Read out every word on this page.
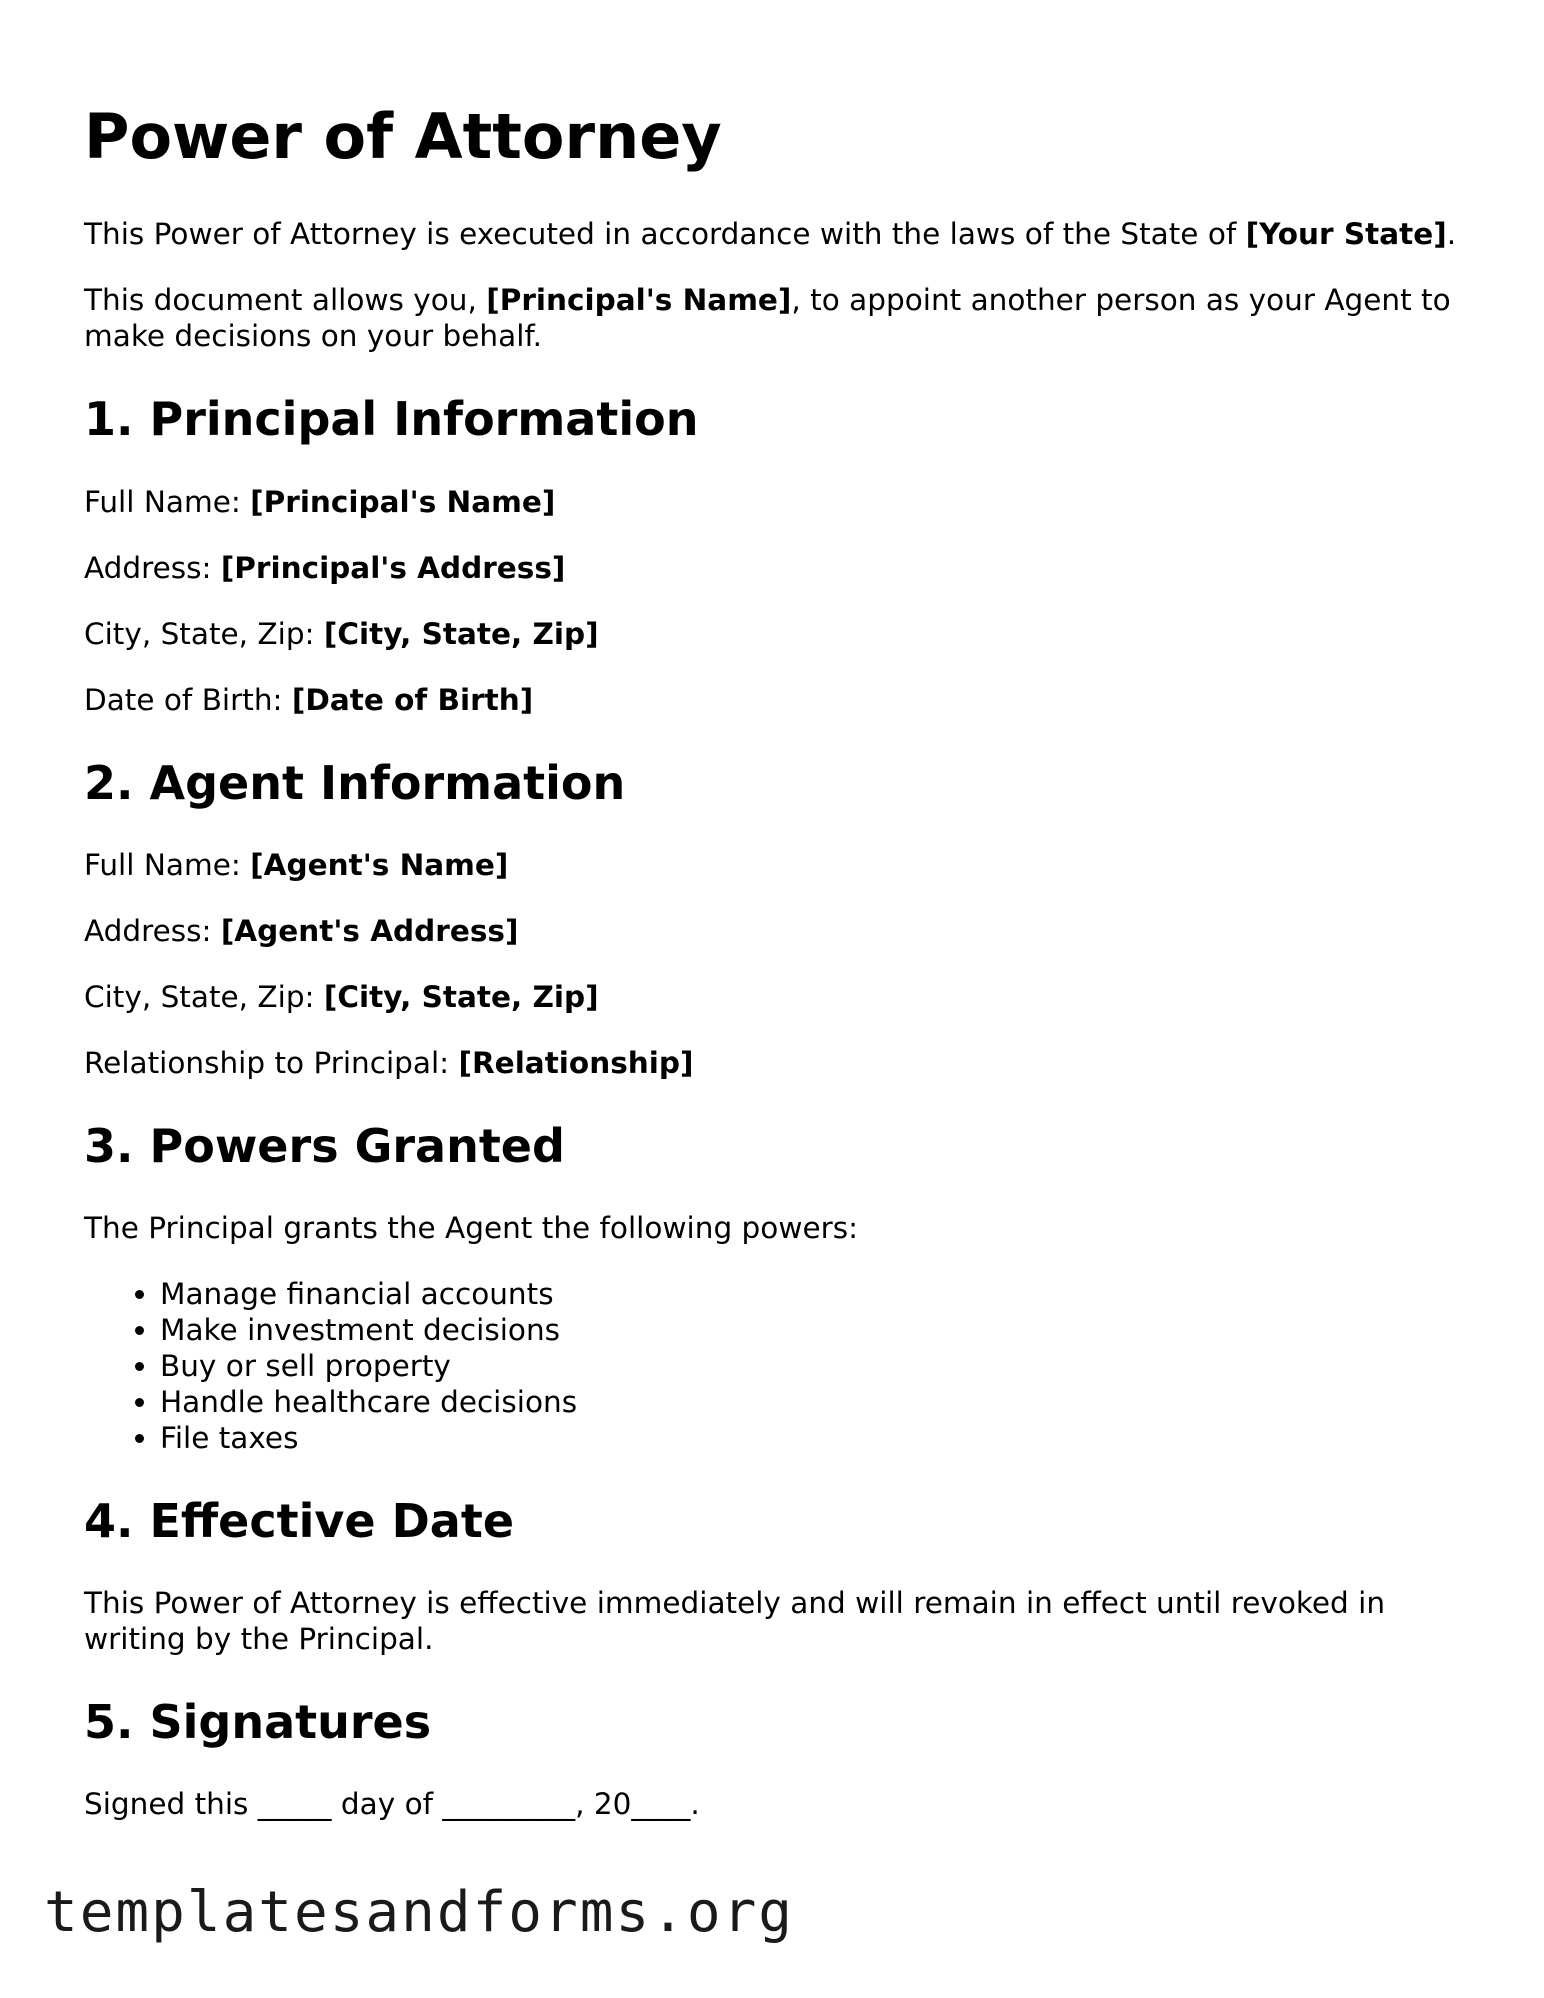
Power of Attorney

This Power of Attorney is executed in accordance with the laws of the State of [Your State].

This document allows you, [Principal's Name], to appoint another person as your Agent to make decisions on your behalf.

1. Principal Information

Full Name: [Principal's Name]

Address: [Principal's Address]

City, State, Zip: [City, State, Zip]

Date of Birth: [Date of Birth]

2. Agent Information

Full Name: [Agent's Name]

Address: [Agent's Address]

City, State, Zip: [City, State, Zip]

Relationship to Principal: [Relationship]

3. Powers Granted

The Principal grants the Agent the following powers:

• Manage financial accounts
• Make investment decisions
• Buy or sell property
• Handle healthcare decisions
• File taxes
4. Effective Date

This Power of Attorney is effective immediately and will remain in effect until revoked in writing by the Principal.

5. Signatures

Signed this _____ day of _________, 20____.

templatesandforms.org
